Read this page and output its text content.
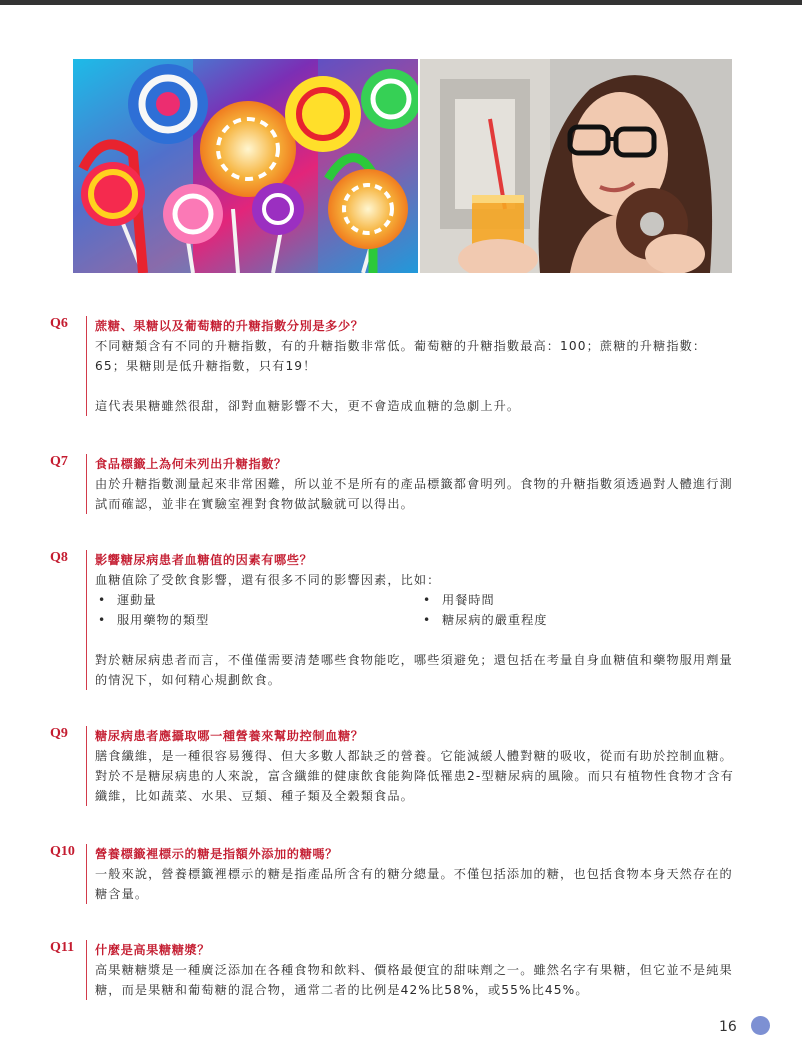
Q6 蔗糖、果糖以及葡萄糖的升糖指數分別是多少？
不同糖類含有不同的升糖指數，有的升糖指數非常低。葡萄糖的升糖指數最高：100；蔗糖的升糖指數：65；果糖則是低升糖指數，只有19！
這代表果糖雖然很甜，卻對血糖影響不大，更不會造成血糖的急劇上升。
Q7 食品標籤上為何未列出升糖指數？
由於升糖指數測量起來非常困難，所以並不是所有的產品標籤都會明列。食物的升糖指數須透過對人體進行測試而確認，並非在實驗室裡對食物做試驗就可以得出。
Q8 影響糖尿病患者血糖值的因素有哪些？
血糖值除了受飲食影響，還有很多不同的影響因素，比如：
• 運動量	• 用餐時間
• 服用藥物的類型	• 糖尿病的嚴重程度
對於糖尿病患者而言，不僅僅需要清楚哪些食物能吃，哪些須避免；還包括在考量自身血糖值和藥物服用劑量的情況下，如何精心規劃飲食。
Q9 糖尿病患者應攝取哪一種營養來幫助控制血糖？
膳食纖維，是一種很容易獲得、但大多數人都缺乏的營養。它能減緩人體對糖的吸收，從而有助於控制血糖。對於不是糖尿病患的人來說，富含纖維的健康飲食能夠降低罹患2-型糖尿病的風險。而只有植物性食物才含有纖維，比如蔬菜、水果、豆類、種子類及全穀類食品。
Q10 營養標籤裡標示的糖是指額外添加的糖嗎？
一般來說，營養標籤裡標示的糖是指產品所含有的糖分總量。不僅包括添加的糖，也包括食物本身天然存在的糖含量。
Q11 什麼是高果糖糖漿？
高果糖糖漿是一種廣泛添加在各種食物和飲料、價格最便宜的甜味劑之一。雖然名字有果糖，但它並不是純果糖，而是果糖和葡萄糖的混合物，通常二者的比例是42%比58%，或55%比45%。
16
